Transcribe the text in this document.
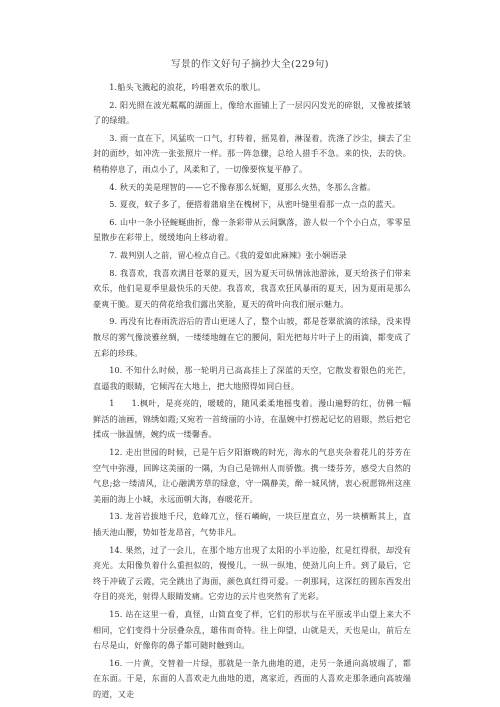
写景的作文好句子摘抄大全(229句)

1.船头飞溅起的浪花，吟唱著欢乐的歌儿。

2. 阳光照在波光粼粼的湖面上，像给水面铺上了一层闪闪发光的碎银，又像被揉皱了的绿缎。

3. 雨一直在下，风猛吹一口气，打转着，摇晃着，淋湿着，洗涤了沙尘，摘去了尘封的面纱，如冲洗一张张照片一样。那一阵急骤，总给人措手不急。来的快，去的快。稍稍停息了，雨点小了，风柔和了，一切像要恢复平静了。

4. 秋天的美是理智的——它不像春那么妩媚，夏那么火热，冬那么含蓄。

5. 夏夜，蚊子多了，便搭着蒲扇坐在槐树下，从密叶缝里看那一点一点的蓝天。

6. 山中一条小径蜿蜒曲折，像一条彩带从云间飘落，游人似一个个小白点，零零星星散步在彩带上，缓缓地向上移动着。

7. 裁判别人之前，留心检点自己。《我的爱如此麻辣》张小娴语录

8. 我喜欢，我喜欢满目苍翠的夏天，因为夏天可纵情泳池游泳，夏天给孩子们带来欢乐，他们是夏季里最快乐的天使。我喜欢，我喜欢狂风暴雨的夏天，因为夏雨是那么豪爽干脆。夏天的荷花给我们露出笑脸，夏天的荷叶向我们展示魅力。

9. 再没有比春雨洗浴后的青山更迷人了，整个山坡，都是苍翠欲滴的浓绿，没来得散尽的雾气像淡雅丝绸，一缕缕地缠在它的腰间，阳光把每片叶子上的雨滴，都变成了五彩的珍珠。

10. 不知什么时候，那一轮明月已高高挂上了深蓝的天空，它散发着银色的光芒，直逼我的眼睛，它倾泻在大地上，把大地照得如同白昼。

1　　1.枫叶，是亮亮的，暖暖的，随风柔柔地摇曳着。漫山遍野的红，仿佛一幅鲜活的油画，锦绣如霞;又宛若一首绮丽的小诗，在温婉中打捞起记忆的眉眼，然后把它揉成一脉温情，婉约成一缕馨香。

12. 走出世园的时候，已是午后夕阳渐晚的时光，海水的气息夹杂着花儿的芬芳在空气中弥漫，回眸这美丽的一隅，为自己是锦州人而骄傲。携一缕芬芳，感受大自然的气息;捻一缕清风，让心融满芳草的绿意，守一隅静美，醉一城风情，衷心祝愿锦州这座美丽的海上小城，永远面朝大海，春暖花开。

13. 龙首岩拔地千尺，危峰兀立，怪石嶙峋，一块巨崖直立，另一块横断其上，直插天池山腰，势如苍龙昂首，气势非凡。

14. 果然，过了一会儿，在那个地方出现了太阳的小半边脸，红是红得很，却没有亮光。太阳像负着什么重担似的，慢慢儿，一纵一纵地，使劲儿向上升。到了最后，它终于冲破了云霞，完全跳出了海面，颜色真红得可爱。一刹那间，这深红的圆东西发出夺目的亮光，射得人眼睛发痛。它旁边的云片也突然有了光彩。

15. 站在这里一看，真怪，山简直变了样，它们的形状与在平原或半山望上来大不相同，它们变得十分层叠杂乱，雄伟而奇特。往上仰望，山就是天，天也是山，前后左右尽是山，好像你的鼻子都可随时触到山。

16. 一片黄，交替着一片绿，那就是一条九曲地的道，走另一条通向高坡端了，都在东面。于是，东面的人喜欢走九曲地的道，离家近，西面的人喜欢走那条通向高坡端的道，又走
